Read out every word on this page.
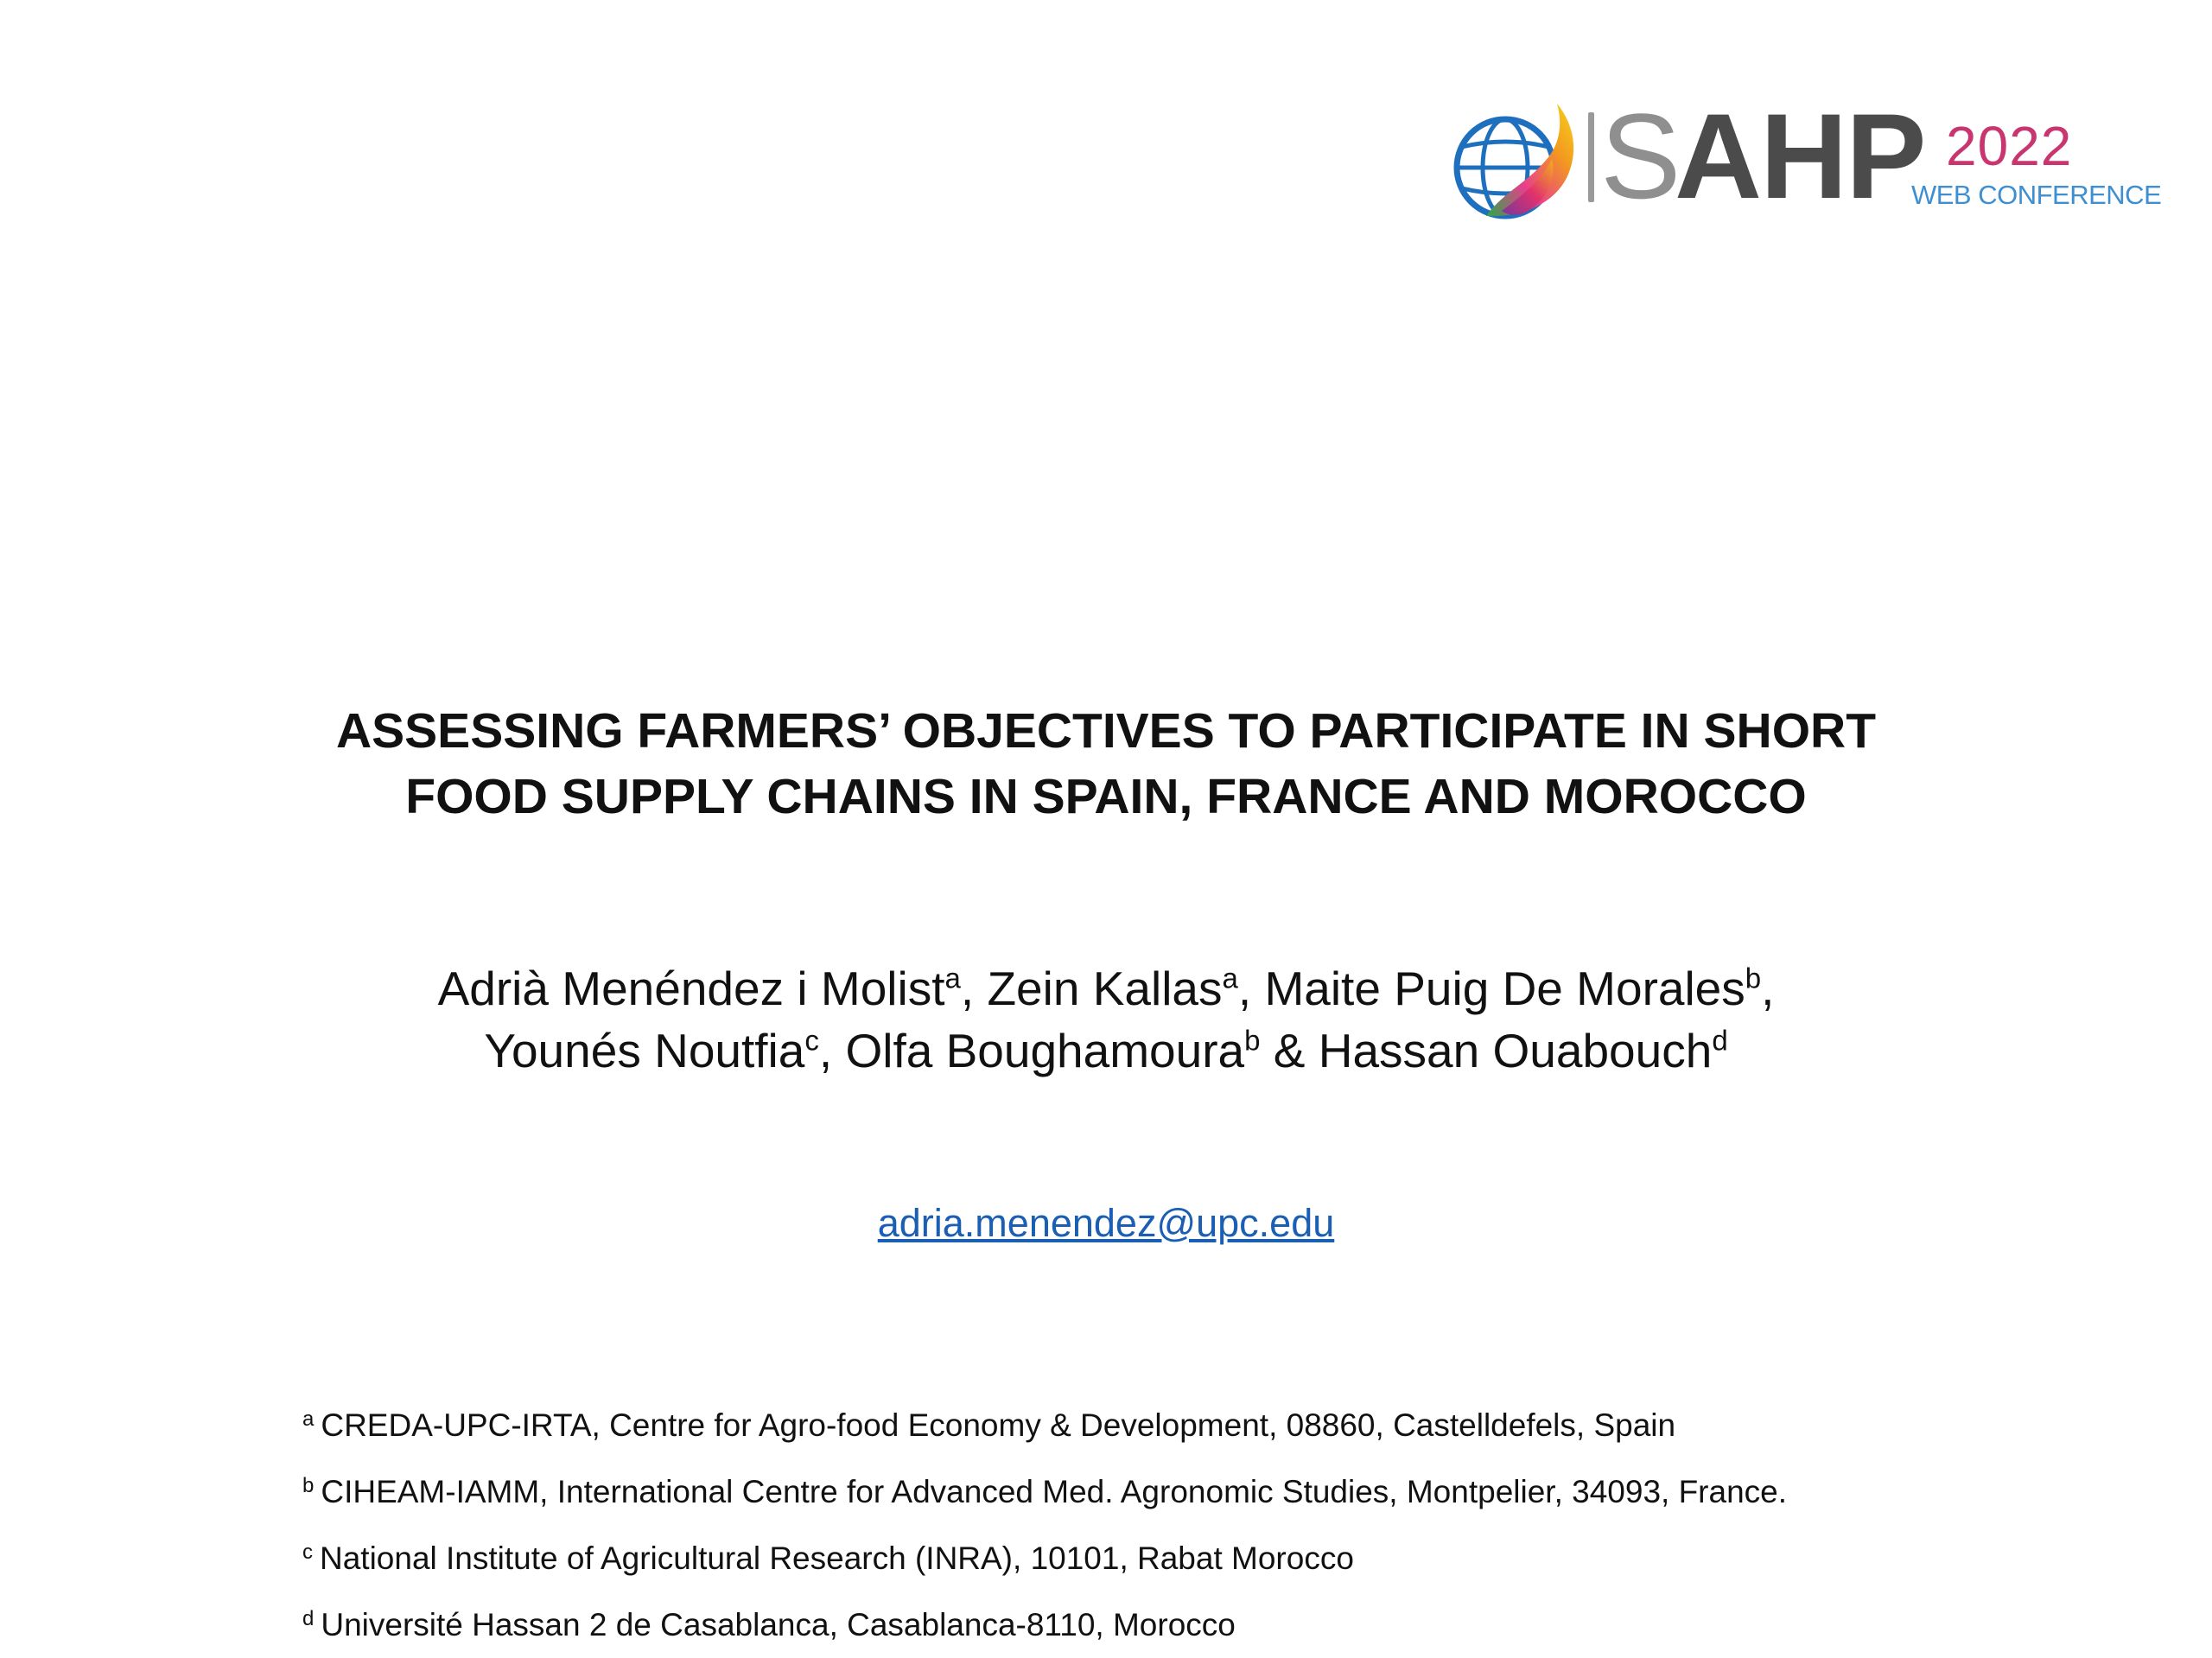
S
AHP 2022
WEB CONFERENCE
ASSESSING FARMERS’ OBJECTIVES TO PARTICIPATE IN SHORT
FOOD SUPPLY CHAINS IN SPAIN, FRANCE AND MOROCCO
Adrià Menéndez i Molist$^a$, Zein Kallas$^a$, Maite Puig De Morales$^b$,
Younés Noutfia$^c$, Olfa Boughamoura$^b$ & Hassan Ouabouch$^d$
adria.menendez@upc.edu
$^a$ CREDA-UPC-IRTA, Centre for Agro-food Economy & Development, 08860, Castelldefels, Spain
$^b$ CIHEAM-IAMM, International Centre for Advanced Med. Agronomic Studies, Montpelier, 34093, France.
$^c$ National Institute of Agricultural Research (INRA), 10101, Rabat Morocco
$^d$ Université Hassan 2 de Casablanca, Casablanca-8110, Morocco
